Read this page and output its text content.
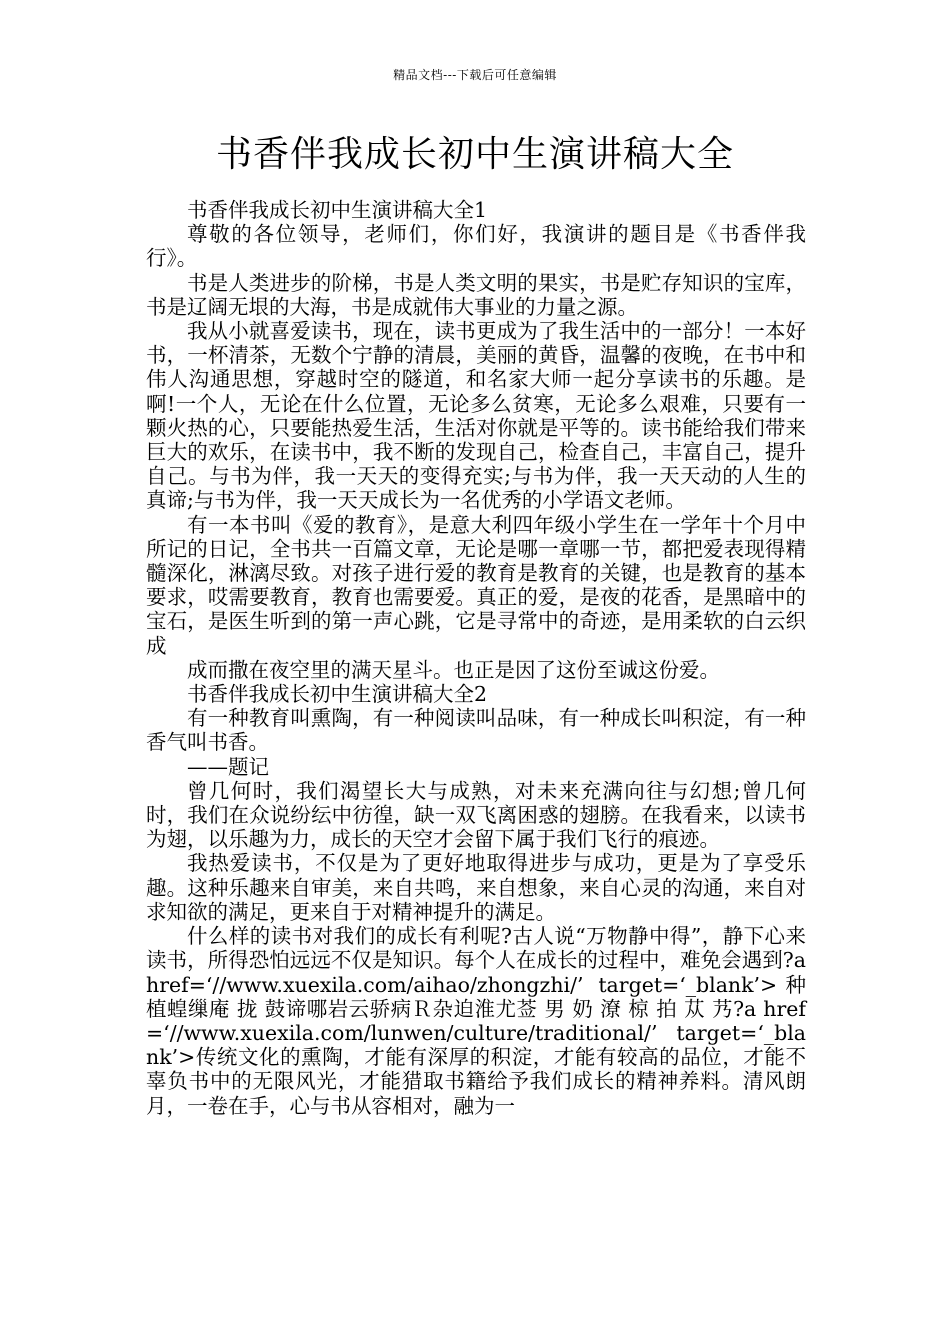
精品文档---下载后可任意编辑
书香伴我成长初中生演讲稿大全

书香伴我成长初中生演讲稿大全1

尊敬的各位领导，老师们，你们好，我演讲的题目是《书香伴我行》。

书是人类进步的阶梯，书是人类文明的果实，书是贮存知识的宝库，书是辽阔无垠的大海，书是成就伟大事业的力量之源。

我从小就喜爱读书，现在，读书更成为了我生活中的一部分！一本好书，一杯清茶，无数个宁静的清晨，美丽的黄昏，温馨的夜晚，在书中和伟人沟通思想，穿越时空的隧道，和名家大师一起分享读书的乐趣。是啊!一个人，无论在什么位置，无论多么贫寒，无论多么艰难，只要有一颗火热的心，只要能热爱生活，生活对你就是平等的。读书能给我们带来巨大的欢乐，在读书中，我不断的发现自己，检查自己，丰富自己，提升自己。与书为伴，我一天天的变得充实;与书为伴，我一天天动的人生的真谛;与书为伴，我一天天成长为一名优秀的小学语文老师。

有一本书叫《爱的教育》，是意大利四年级小学生在一学年十个月中所记的日记，全书共一百篇文章，无论是哪一章哪一节，都把爱表现得精髓深化，淋漓尽致。对孩子进行爱的教育是教育的关键，也是教育的基本要求，哎需要教育，教育也需要爱。真正的爱，是夜的花香，是黑暗中的宝石，是医生听到的第一声心跳，它是寻常中的奇迹，是用柔软的白云织成

成而撒在夜空里的满天星斗。也正是因了这份至诚这份爱。

书香伴我成长初中生演讲稿大全2

有一种教育叫熏陶，有一种阅读叫品味，有一种成长叫积淀，有一种香气叫书香。

——题记

曾几何时，我们渴望长大与成熟，对未来充满向往与幻想;曾几何时，我们在众说纷纭中彷徨，缺一双飞离困惑的翅膀。在我看来，以读书为翅，以乐趣为力，成长的天空才会留下属于我们飞行的痕迹。

我热爱读书，不仅是为了更好地取得进步与成功，更是为了享受乐趣。这种乐趣来自审美，来自共鸣，来自想象，来自心灵的沟通，来自对求知欲的满足，更来自于对精神提升的满足。

什么样的读书对我们的成长有利呢?古人说“万物静中得”，静下心来读书，所得恐怕远远不仅是知识。每个人在成长的过程中，难免会遇到?a href=‘//www.xuexila.com/aihao/zhongzhi/’ target=‘_blank’>种植蝗缫庵 拢 鼓谛哪岩云骄病Ｒ杂迫淮尤莶 男 奶 潦 椋 拍 苁 艿?a href=‘//www.xuexila.com/lunwen/culture/traditional/’ target=‘_blank’>传统文化的熏陶，才能有深厚的积淀，才能有较高的品位，才能不辜负书中的无限风光，才能猎取书籍给予我们成长的精神养料。清风朗月，一卷在手，心与书从容相对，融为一
